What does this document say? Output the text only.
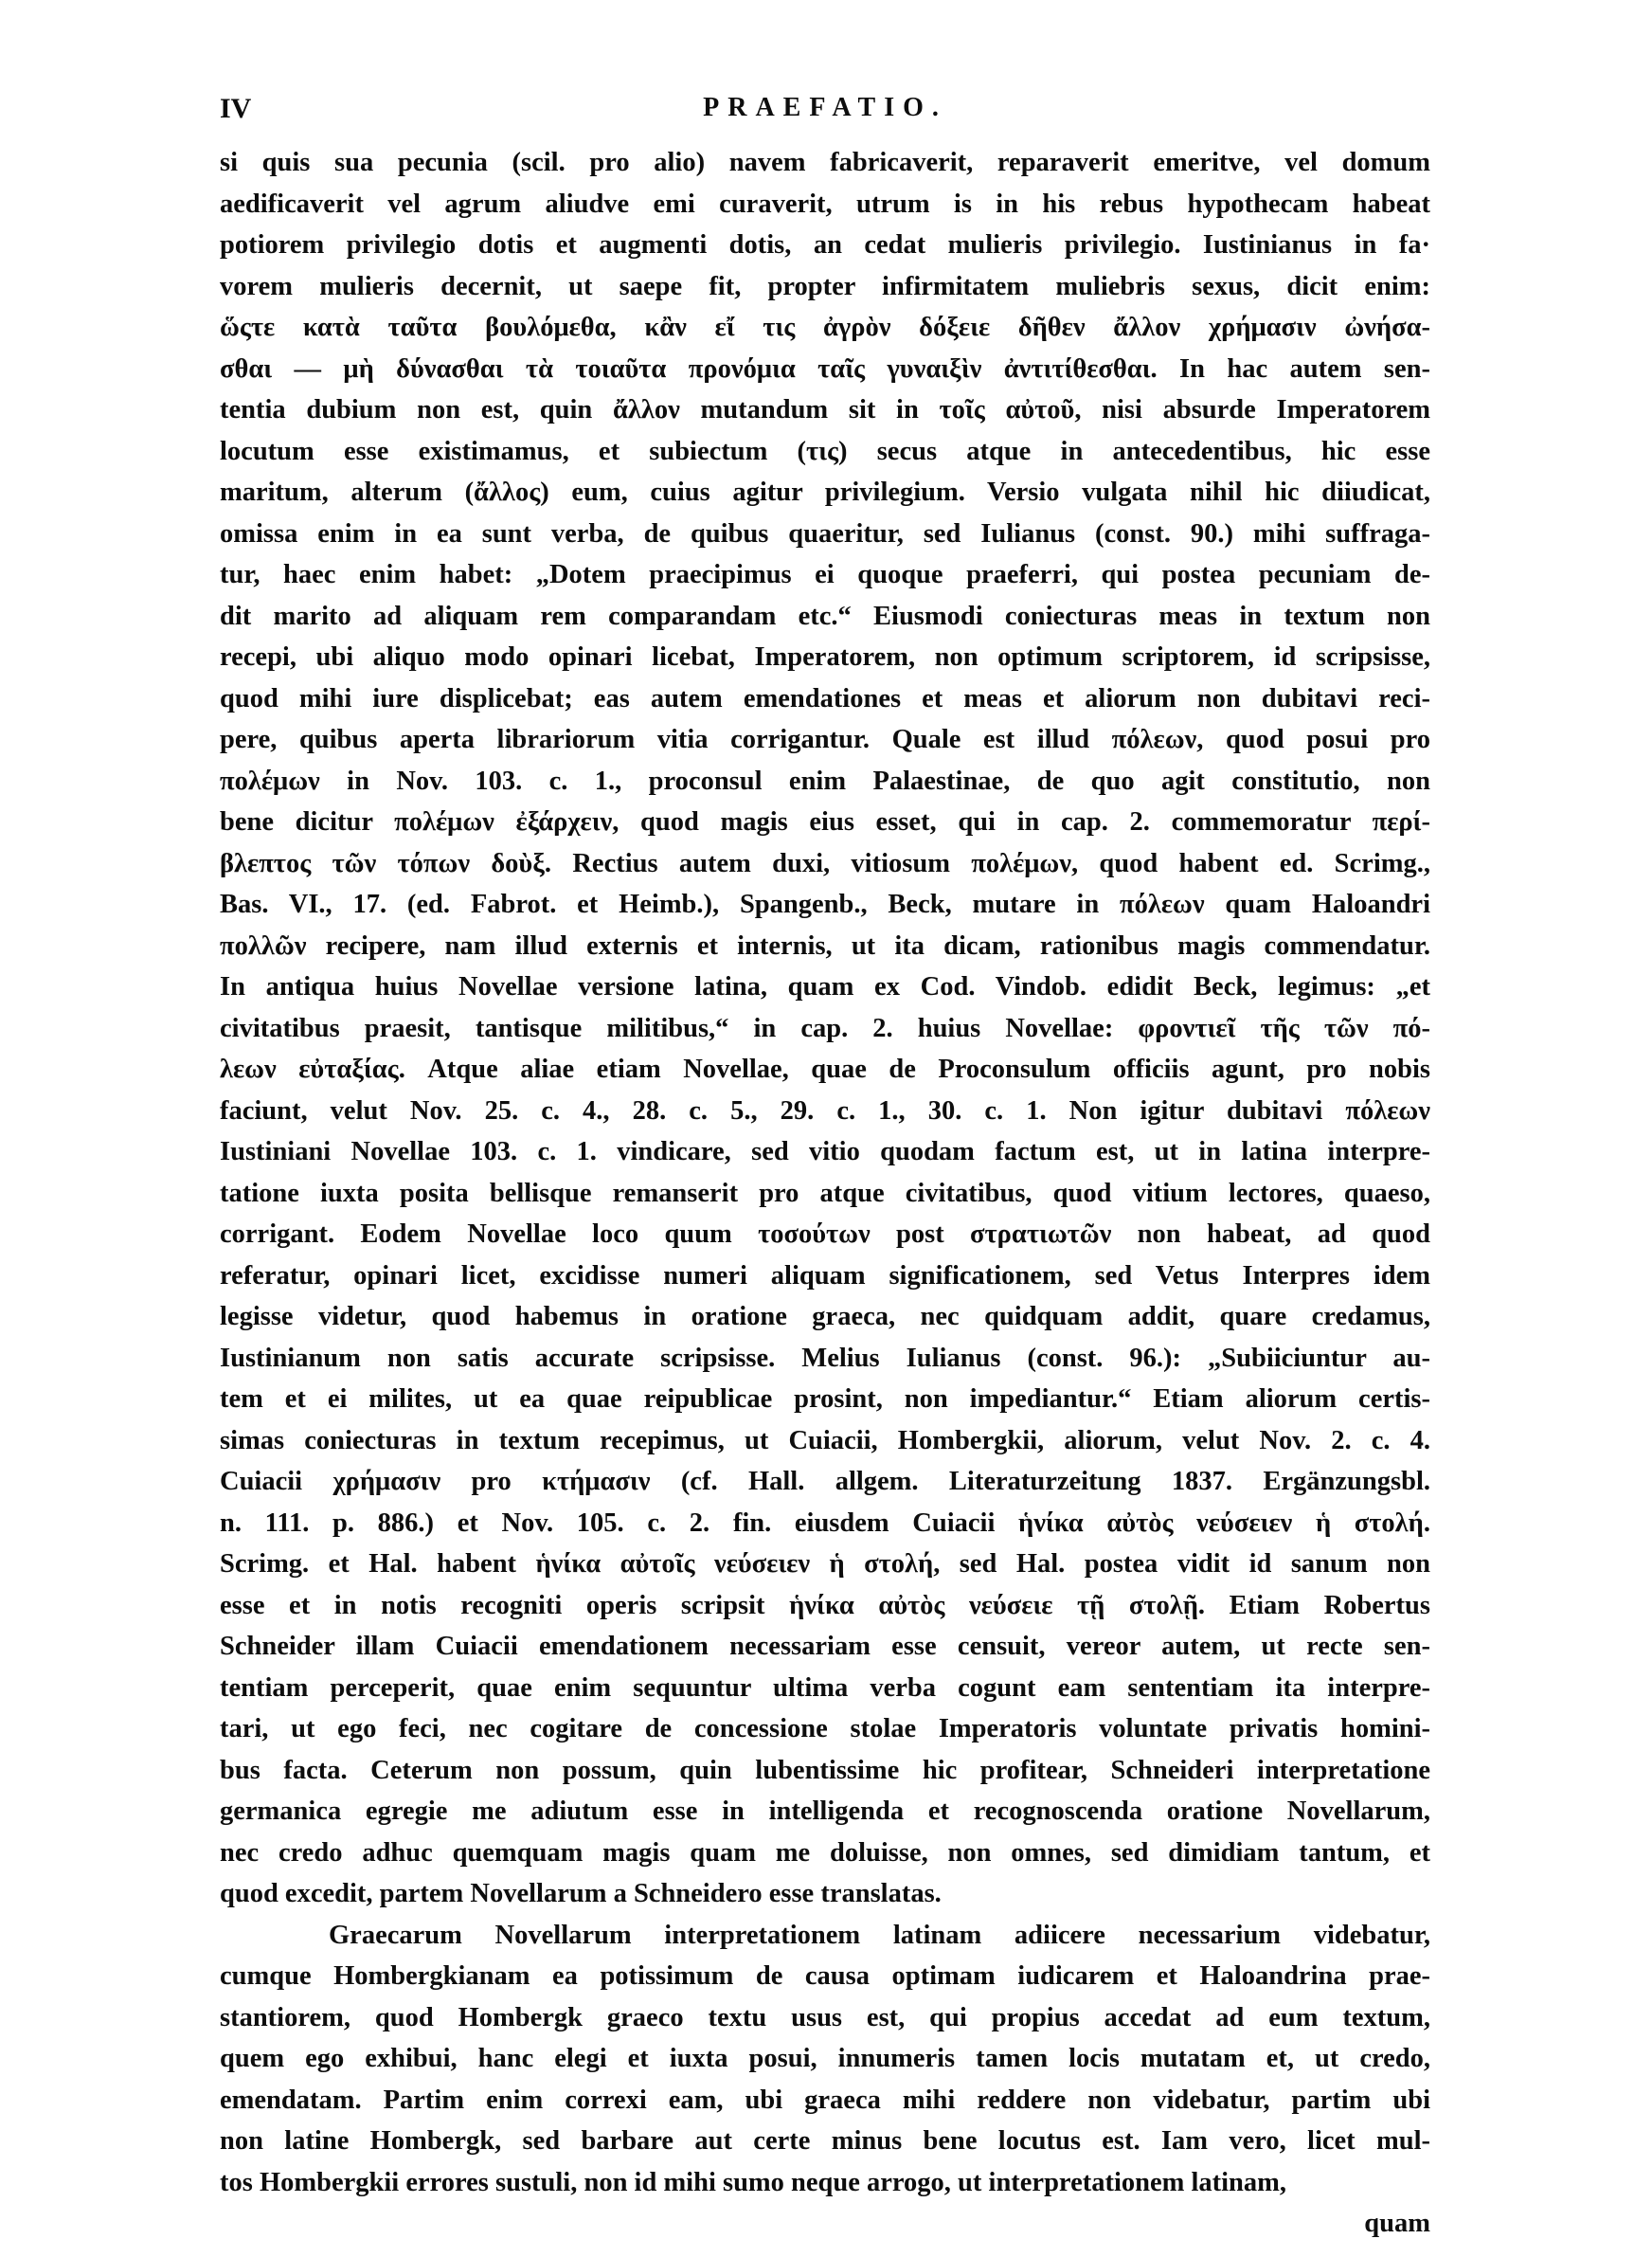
IV	PRAEFATIO.
si quis sua pecunia (scil. pro alio) navem fabricaverit, reparaverit emeritve, vel domum
aedificaverit vel agrum aliudve emi curaverit, utrum is in his rebus hypothecam habeat
potiorem privilegio dotis et augmenti dotis, an cedat mulieris privilegio. Iustinianus in fa·
vorem mulieris decernit, ut saepe fit, propter infirmitatem muliebris sexus, dicit enim:
ὥςτε κατὰ ταῦτα βουλόμεθα, κἂν εἴ τις ἀγρὸν δόξειε δῆθεν ἄλλον χρήμασιν ὠνήσα-
σθαι — μὴ δύνασθαι τὰ τοιαῦτα προνόμια ταῖς γυναιξὶν ἀντιτίθεσθαι. In hac autem sen-
tentia dubium non est, quin ἄλλον mutandum sit in τοῖς αὐτοῦ, nisi absurde Imperatorem
locutum esse existimamus, et subiectum (τις) secus atque in antecedentibus, hic esse
maritum, alterum (ἄλλος) eum, cuius agitur privilegium. Versio vulgata nihil hic diiudicat,
omissa enim in ea sunt verba, de quibus quaeritur, sed Iulianus (const. 90.) mihi suffraga-
tur, haec enim habet: „Dotem praecipimus ei quoque praeferri, qui postea pecuniam de-
dit marito ad aliquam rem comparandam etc.“ Eiusmodi coniecturas meas in textum non
recepi, ubi aliquo modo opinari licebat, Imperatorem, non optimum scriptorem, id scripsisse,
quod mihi iure displicebat; eas autem emendationes et meas et aliorum non dubitavi reci-
pere, quibus aperta librariorum vitia corrigantur. Quale est illud πόλεων, quod posui pro
πολέμων in Nov. 103. c. 1., proconsul enim Palaestinae, de quo agit constitutio, non
bene dicitur πολέμων ἐξάρχειν, quod magis eius esset, qui in cap. 2. commemoratur περί-
βλεπτος τῶν τόπων δοὺξ. Rectius autem duxi, vitiosum πολέμων, quod habent ed. Scrimg.,
Bas. VI., 17. (ed. Fabrot. et Heimb.), Spangenb., Beck, mutare in πόλεων quam Haloandri
πολλῶν recipere, nam illud externis et internis, ut ita dicam, rationibus magis commendatur.
In antiqua huius Novellae versione latina, quam ex Cod. Vindob. edidit Beck, legimus: „et
civitatibus praesit, tantisque militibus,“ in cap. 2. huius Novellae: φροντιεῖ τῆς τῶν πό-
λεων εὐταξίας. Atque aliae etiam Novellae, quae de Proconsulum officiis agunt, pro nobis
faciunt, velut Nov. 25. c. 4., 28. c. 5., 29. c. 1., 30. c. 1. Non igitur dubitavi πόλεων
Iustiniani Novellae 103. c. 1. vindicare, sed vitio quodam factum est, ut in latina interpre-
tatione iuxta posita bellisque remanserit pro atque civitatibus, quod vitium lectores, quaeso,
corrigant. Eodem Novellae loco quum τοσούτων post στρατιωτῶν non habeat, ad quod
referatur, opinari licet, excidisse numeri aliquam significationem, sed Vetus Interpres idem
legisse videtur, quod habemus in oratione graeca, nec quidquam addit, quare credamus,
Iustinianum non satis accurate scripsisse. Melius Iulianus (const. 96.): „Subiiciuntur au-
tem et ei milites, ut ea quae reipublicae prosint, non impediantur.“ Etiam aliorum certis-
simas coniecturas in textum recepimus, ut Cuiacii, Hombergkii, aliorum, velut Nov. 2. c. 4.
Cuiacii χρήμασιν pro κτήμασιν (cf. Hall. allgem. Literaturzeitung 1837. Ergänzungsbl.
n. 111. p. 886.) et Nov. 105. c. 2. fin. eiusdem Cuiacii ἡνίκα αὐτὸς νεύσειεν ἡ στολή.
Scrimg. et Hal. habent ἡνίκα αὐτοῖς νεύσειεν ἡ στολή, sed Hal. postea vidit id sanum non
esse et in notis recogniti operis scripsit ἡνίκα αὐτὸς νεύσειε τῇ στολῇ. Etiam Robertus
Schneider illam Cuiacii emendationem necessariam esse censuit, vereor autem, ut recte sen-
tentiam perceperit, quae enim sequuntur ultima verba cogunt eam sententiam ita interpre-
tari, ut ego feci, nec cogitare de concessione stolae Imperatoris voluntate privatis homini-
bus facta. Ceterum non possum, quin lubentissime hic profitear, Schneideri interpretatione
germanica egregie me adiutum esse in intelligenda et recognoscenda oratione Novellarum,
nec credo adhuc quemquam magis quam me doluisse, non omnes, sed dimidiam tantum, et
quod excedit, partem Novellarum a Schneidero esse translatas.
Graecarum Novellarum interpretationem latinam adiicere necessarium videbatur,
cumque Hombergkianam ea potissimum de causa optimam iudicarem et Haloandrina prae-
stantiorem, quod Hombergk graeco textu usus est, qui propius accedat ad eum textum,
quem ego exhibui, hanc elegi et iuxta posui, innumeris tamen locis mutatam et, ut credo,
emendatam. Partim enim correxi eam, ubi graeca mihi reddere non videbatur, partim ubi
non latine Hombergk, sed barbare aut certe minus bene locutus est. Iam vero, licet mul-
tos Hombergkii errores sustuli, non id mihi sumo neque arrogo, ut interpretationem latinam,

quam
